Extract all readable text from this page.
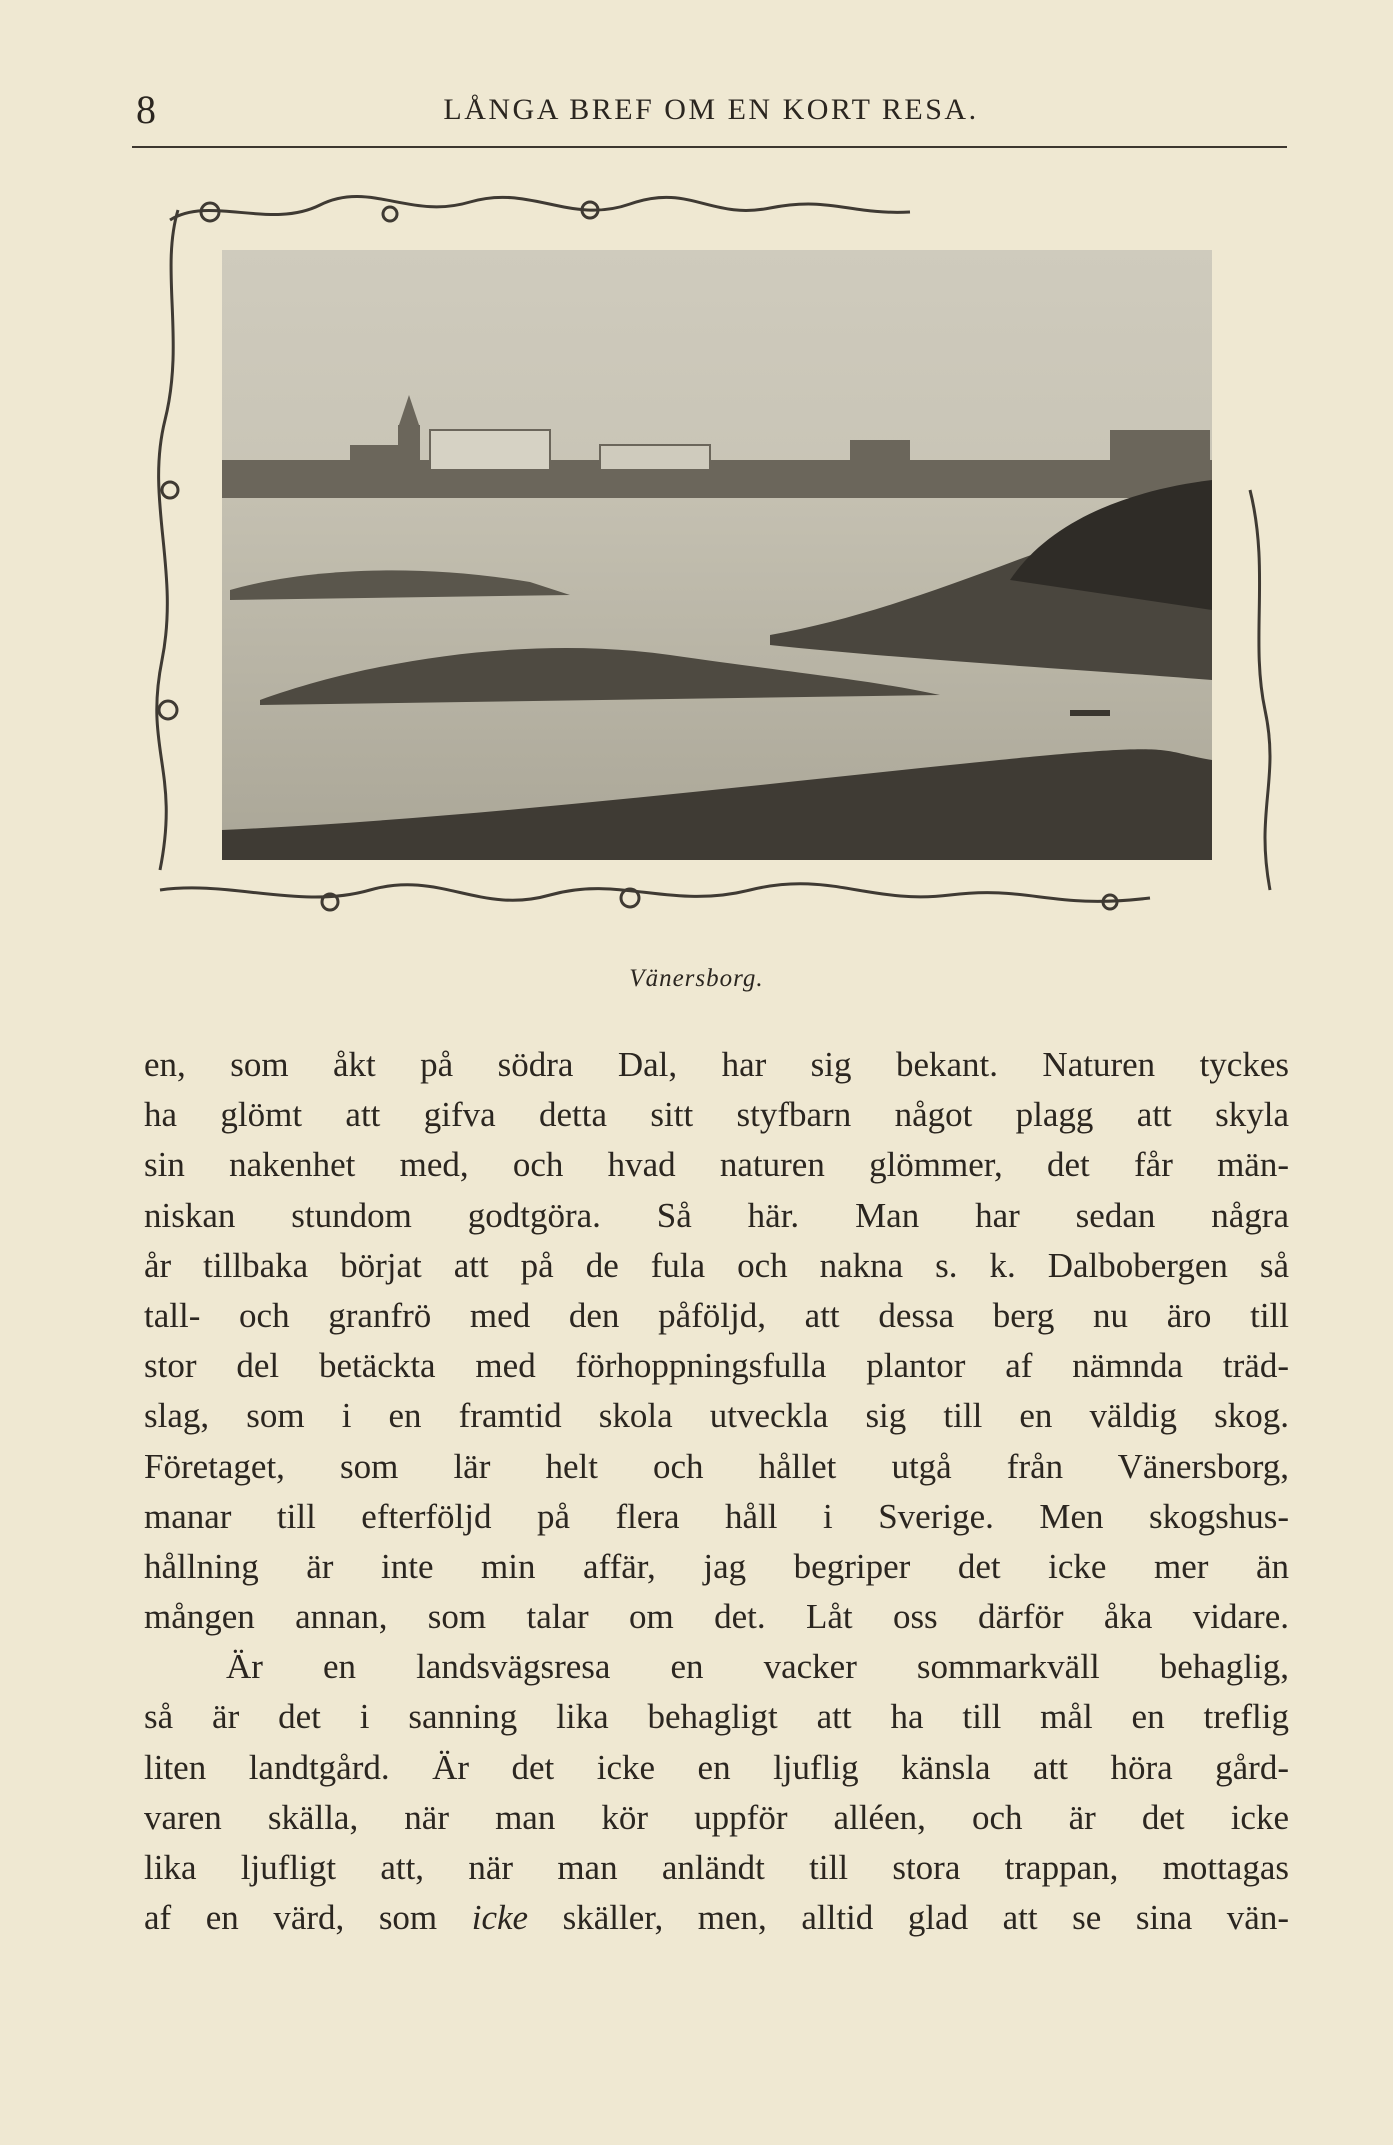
8	LÅNGA BREF OM EN KORT RESA.
Vänersborg.
en, som åkt på södra Dal, har sig bekant. Naturen tyckes
ha glömt att gifva detta sitt styfbarn något plagg att skyla
sin nakenhet med, och hvad naturen glömmer, det får män-
niskan stundom godtgöra. Så här. Man har sedan några
år tillbaka börjat att på de fula och nakna s. k. Dalbobergen så
tall- och granfrö med den påföljd, att dessa berg nu äro till
stor del betäckta med förhoppningsfulla plantor af nämnda träd-
slag, som i en framtid skola utveckla sig till en väldig skog.
Företaget, som lär helt och hållet utgå från Vänersborg,
manar till efterföljd på flera håll i Sverige. Men skogshus-
hållning är inte min affär, jag begriper det icke mer än
mången annan, som talar om det. Låt oss därför åka vidare.
Är en landsvägsresa en vacker sommarkväll behaglig,
så är det i sanning lika behagligt att ha till mål en treflig
liten landtgård. Är det icke en ljuflig känsla att höra gård-
varen skälla, när man kör uppför alléen, och är det icke
lika ljufligt att, när man anländt till stora trappan, mottagas
af en värd, som icke skäller, men, alltid glad att se sina vän-
